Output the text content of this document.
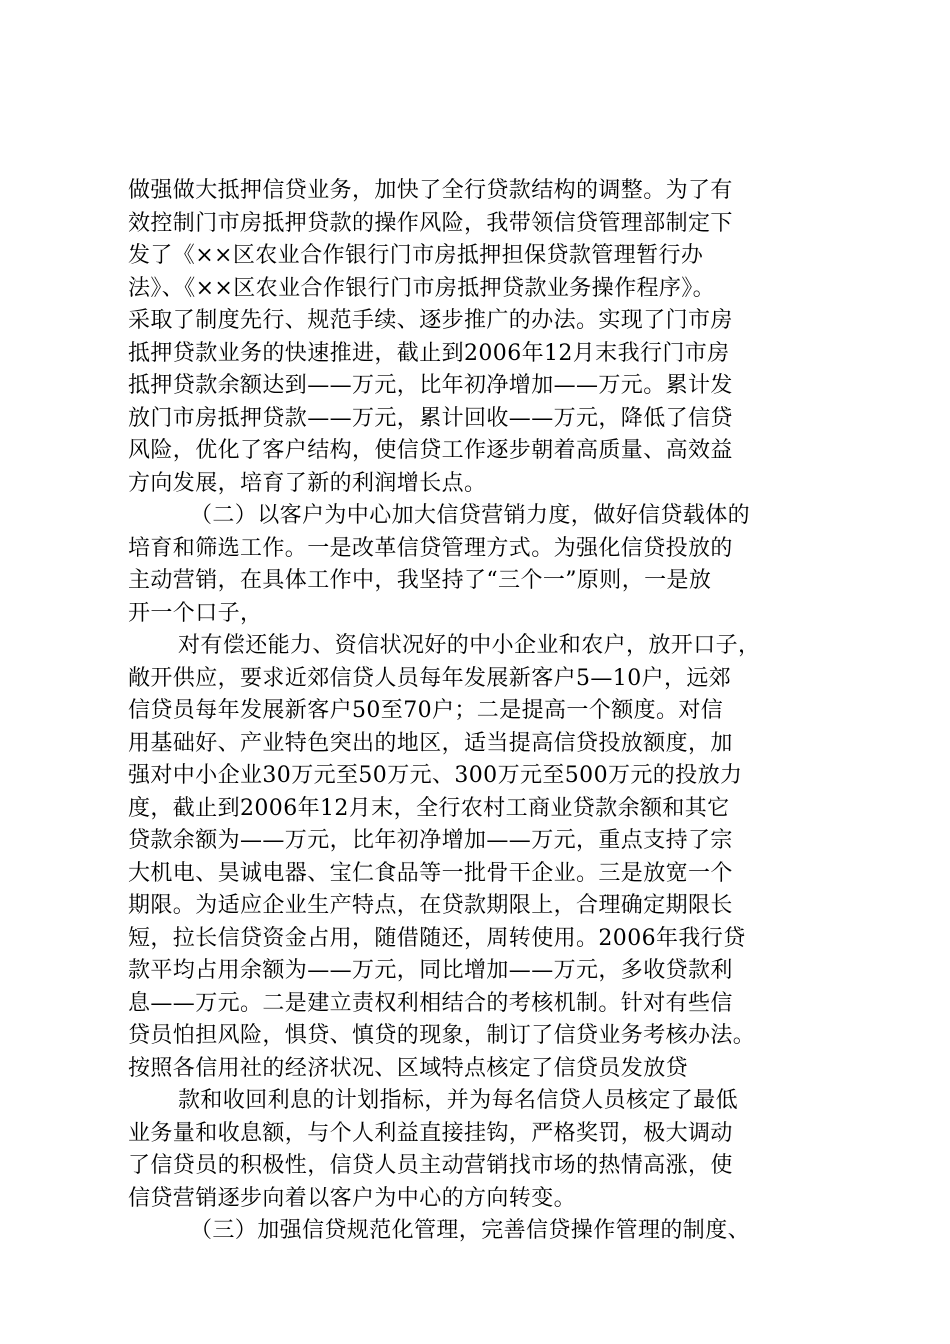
做强做大抵押信贷业务，加快了全行贷款结构的调整。为了有
效控制门市房抵押贷款的操作风险，我带领信贷管理部制定下
发了《××区农业合作银行门市房抵押担保贷款管理暂行办
法》、《××区农业合作银行门市房抵押贷款业务操作程序》。
采取了制度先行、规范手续、逐步推广的办法。实现了门市房
抵押贷款业务的快速推进，截止到2006年12月末我行门市房
抵押贷款余额达到——万元，比年初净增加——万元。累计发
放门市房抵押贷款——万元，累计回收——万元，降低了信贷
风险，优化了客户结构，使信贷工作逐步朝着高质量、高效益
方向发展，培育了新的利润增长点。
（二）以客户为中心加大信贷营销力度，做好信贷载体的
培育和筛选工作。一是改革信贷管理方式。为强化信贷投放的
主动营销，在具体工作中，我坚持了“三个一”原则，一是放
开一个口子，
对有偿还能力、资信状况好的中小企业和农户，放开口子，
敞开供应，要求近郊信贷人员每年发展新客户5—10户，远郊
信贷员每年发展新客户50至70户；二是提高一个额度。对信
用基础好、产业特色突出的地区，适当提高信贷投放额度，加
强对中小企业30万元至50万元、300万元至500万元的投放力
度，截止到2006年12月末，全行农村工商业贷款余额和其它
贷款余额为——万元，比年初净增加——万元，重点支持了宗
大机电、昊诚电器、宝仁食品等一批骨干企业。三是放宽一个
期限。为适应企业生产特点，在贷款期限上，合理确定期限长
短，拉长信贷资金占用，随借随还，周转使用。2006年我行贷
款平均占用余额为——万元，同比增加——万元，多收贷款利
息——万元。二是建立责权利相结合的考核机制。针对有些信
贷员怕担风险，惧贷、慎贷的现象，制订了信贷业务考核办法。
按照各信用社的经济状况、区域特点核定了信贷员发放贷
款和收回利息的计划指标，并为每名信贷人员核定了最低
业务量和收息额，与个人利益直接挂钩，严格奖罚，极大调动
了信贷员的积极性，信贷人员主动营销找市场的热情高涨，使
信贷营销逐步向着以客户为中心的方向转变。
（三）加强信贷规范化管理，完善信贷操作管理的制度、
